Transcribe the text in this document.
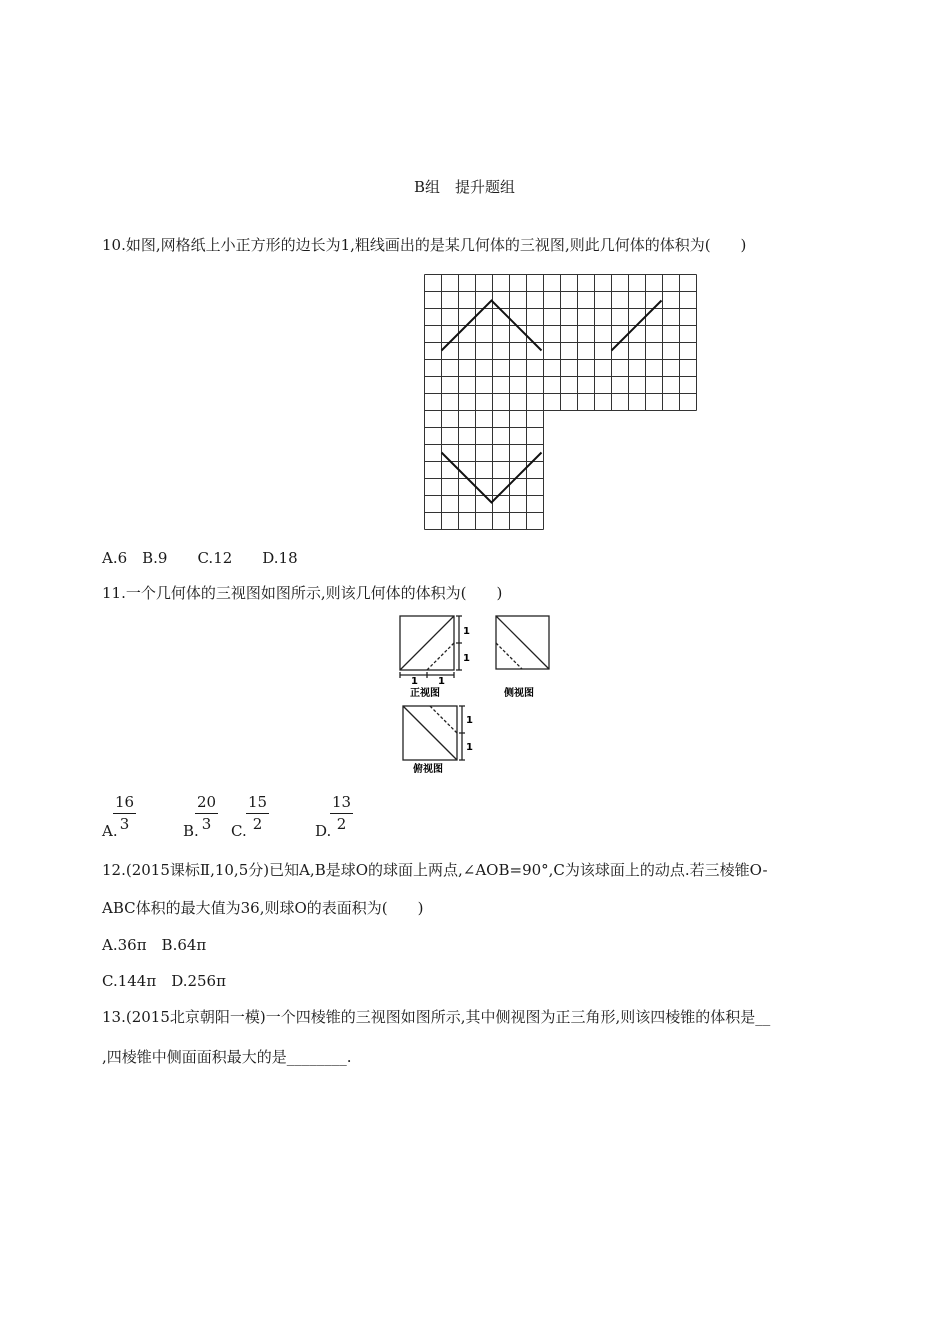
B组　提升题组
10.如图,网格纸上小正方形的边长为1,粗线画出的是某几何体的三视图,则此几何体的体积为(　　)
A.6　B.9　　C.12　　D.18
11.一个几何体的三视图如图所示,则该几何体的体积为(　　)
1
1
1 1
正视图	侧视图
1
1
俯视图
A.
$\frac{16}{3}$	B.
$\frac{20}{3} C$. $\frac{15}{2}$	D.
$\frac{13}{2}$
12.(2015课标Ⅱ,10,5分)已知A,B是球O的球面上两点,∠AOB=90°,C为该球面上的动点.若三棱锥O-
ABC体积的最大值为36,则球O的表面积为(　　)
A.36π　B.64π
C.144π　D.256π
13.(2015北京朝阳一模)一个四棱锥的三视图如图所示,其中侧视图为正三角形,则该四棱锥的体积是__
,四棱锥中侧面面积最大的是________.
